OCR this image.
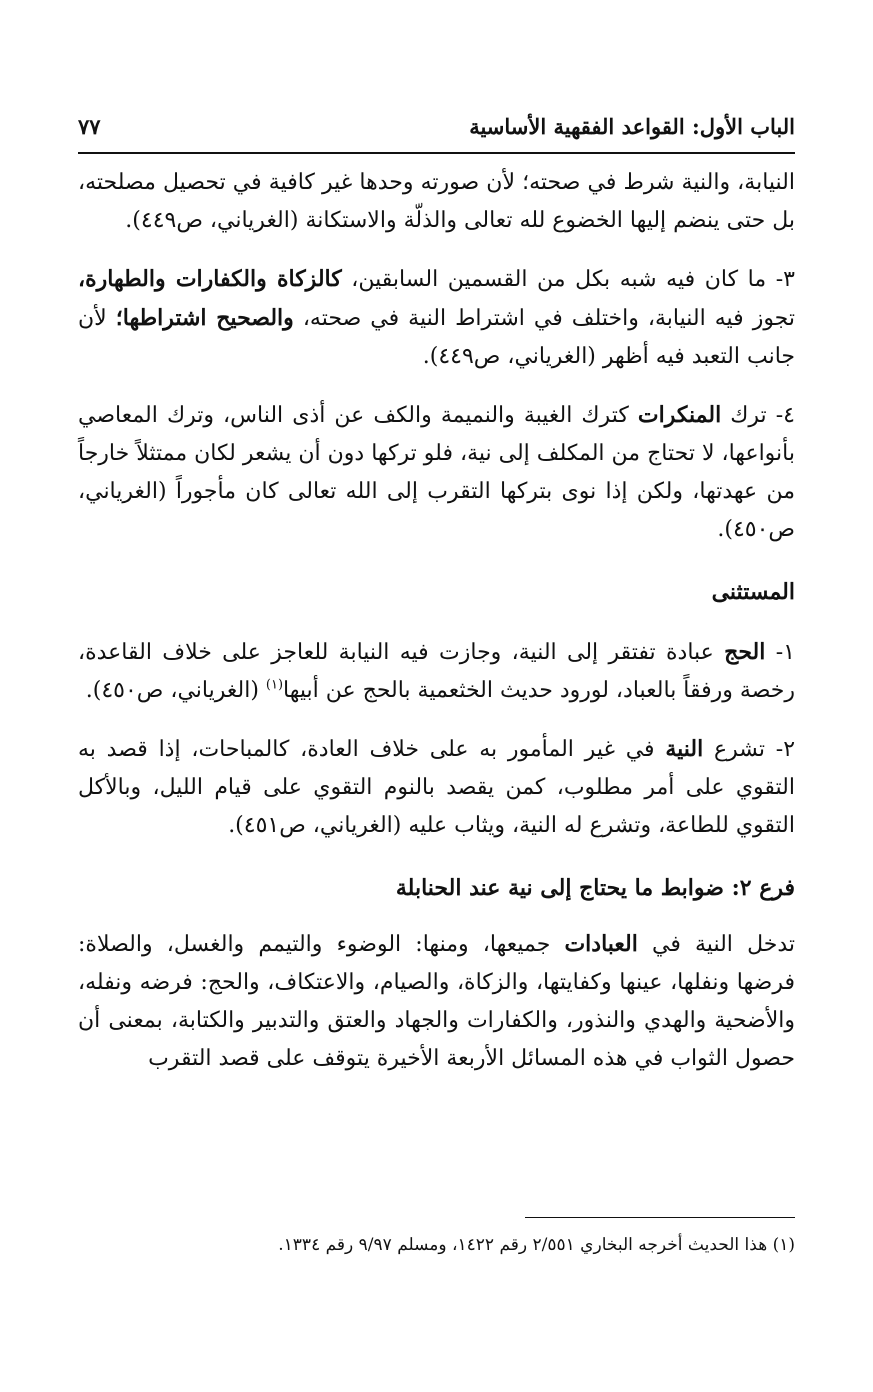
الباب الأول: القواعد الفقهية الأساسية
٧٧

النيابة، والنية شرط في صحته؛ لأن صورته وحدها غير كافية في تحصيل مصلحته، بل حتى ينضم إليها الخضوع لله تعالى والذلّة والاستكانة (الغرياني، ص٤٤٩).

٣- ما كان فيه شبه بكل من القسمين السابقين، كالزكاة والكفارات والطهارة، تجوز فيه النيابة، واختلف في اشتراط النية في صحته، والصحيح اشتراطها؛ لأن جانب التعبد فيه أظهر (الغرياني، ص٤٤٩).

٤- ترك المنكرات كترك الغيبة والنميمة والكف عن أذى الناس، وترك المعاصي بأنواعها، لا تحتاج من المكلف إلى نية، فلو تركها دون أن يشعر لكان ممتثلاً خارجاً من عهدتها، ولكن إذا نوى بتركها التقرب إلى الله تعالى كان مأجوراً (الغرياني، ص٤٥٠).

المستثنى

١- الحج عبادة تفتقر إلى النية، وجازت فيه النيابة للعاجز على خلاف القاعدة، رخصة ورفقاً بالعباد، لورود حديث الخثعمية بالحج عن أبيها$^{(١)}$ (الغرياني، ص٤٥٠).

٢- تشرع النية في غير المأمور به على خلاف العادة، كالمباحات، إذا قصد به التقوي على أمر مطلوب، كمن يقصد بالنوم التقوي على قيام الليل، وبالأكل التقوي للطاعة، وتشرع له النية، ويثاب عليه (الغرياني، ص٤٥١).

فرع ٢: ضوابط ما يحتاج إلى نية عند الحنابلة

تدخل النية في العبادات جميعها، ومنها: الوضوء والتيمم والغسل، والصلاة: فرضها ونفلها، عينها وكفايتها، والزكاة، والصيام، والاعتكاف، والحج: فرضه ونفله، والأضحية والهدي والنذور، والكفارات والجهاد والعتق والتدبير والكتابة، بمعنى أن حصول الثواب في هذه المسائل الأربعة الأخيرة يتوقف على قصد التقرب

(١) هذا الحديث أخرجه البخاري ٢/٥٥١ رقم ١٤٢٢، ومسلم ٩/٩٧ رقم ١٣٣٤.
